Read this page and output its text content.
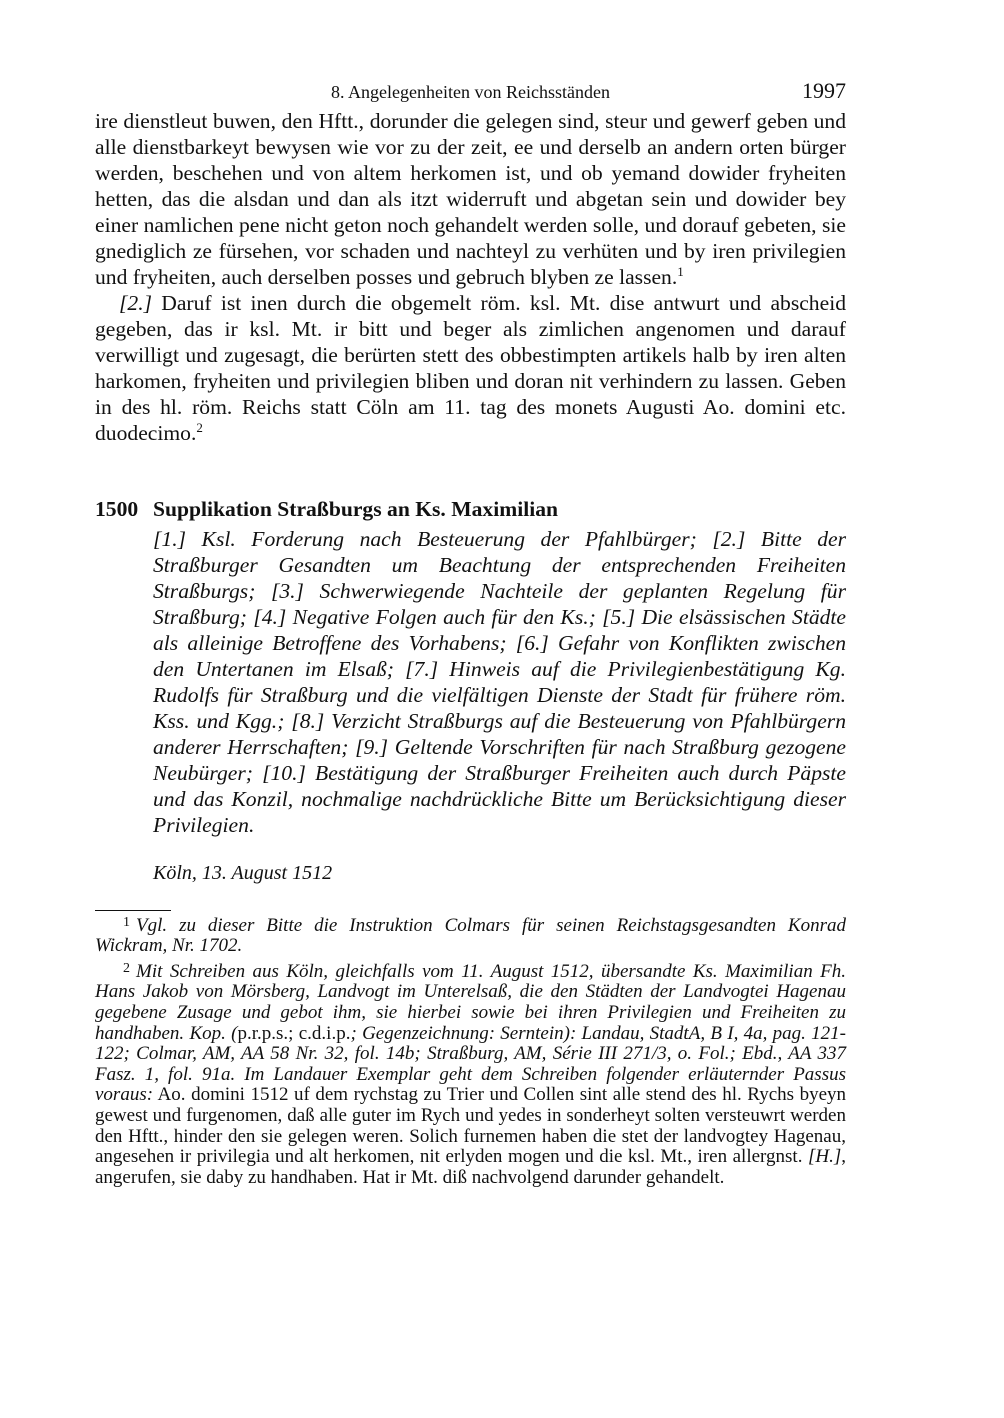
8. Angelegenheiten von Reichsständen	1997

ire dienstleut buwen, den Hftt., dorunder die gelegen sind, steur und gewerf geben und alle dienstbarkeyt bewysen wie vor zu der zeit, ee und derselb an andern orten bürger werden, beschehen und von altem herkomen ist, und ob yemand dowider fryheiten hetten, das die alsdan und dan als itzt widerruft und abgetan sein und dowider bey einer namlichen pene nicht geton noch gehandelt werden solle, und dorauf gebeten, sie gnediglich ze fürsehen, vor schaden und nachteyl zu verhüten und by iren privilegien und fryheiten, auch derselben posses und gebruch blyben ze lassen.$^1$

[2.] Daruf ist inen durch die obgemelt röm. ksl. Mt. dise antwurt und abscheid gegeben, das ir ksl. Mt. ir bitt und beger als zimlichen angenomen und darauf verwilligt und zugesagt, die berürten stett des obbestimpten artikels halb by iren alten harkomen, fryheiten und privilegien bliben und doran nit verhindern zu lassen. Geben in des hl. röm. Reichs statt Cöln am 11. tag des monets Augusti Ao. domini etc. duodecimo.$^2$

1500 Supplikation Straßburgs an Ks. Maximilian

[1.] Ksl. Forderung nach Besteuerung der Pfahlbürger; [2.] Bitte der Straßburger Gesandten um Beachtung der entsprechenden Freiheiten Straßburgs; [3.] Schwerwiegende Nachteile der geplanten Regelung für Straßburg; [4.] Negative Folgen auch für den Ks.; [5.] Die elsässischen Städte als alleinige Betroffene des Vorhabens; [6.] Gefahr von Konflikten zwischen den Untertanen im Elsaß; [7.] Hinweis auf die Privilegienbestätigung Kg. Rudolfs für Straßburg und die vielfältigen Dienste der Stadt für frühere röm. Kss. und Kgg.; [8.] Verzicht Straßburgs auf die Besteuerung von Pfahlbürgern anderer Herrschaften; [9.] Geltende Vorschriften für nach Straßburg gezogene Neubürger; [10.] Bestätigung der Straßburger Freiheiten auch durch Päpste und das Konzil, nochmalige nachdrückliche Bitte um Berücksichtigung dieser Privilegien.

Köln, 13. August 1512

$^1$ Vgl. zu dieser Bitte die Instruktion Colmars für seinen Reichstagsgesandten Konrad Wickram, Nr. 1702.

$^2$ Mit Schreiben aus Köln, gleichfalls vom 11. August 1512, übersandte Ks. Maximilian Fh. Hans Jakob von Mörsberg, Landvogt im Unterelsaß, die den Städten der Landvogtei Hagenau gegebene Zusage und gebot ihm, sie hierbei sowie bei ihren Privilegien und Freiheiten zu handhaben. Kop. (p.r.p.s.; c.d.i.p.; Gegenzeichnung: Serntein): Landau, StadtA, B I, 4a, pag. 121-122; Colmar, AM, AA 58 Nr. 32, fol. 14b; Straßburg, AM, Série III 271/3, o. Fol.; Ebd., AA 337 Fasz. 1, fol. 91a. Im Landauer Exemplar geht dem Schreiben folgender erläuternder Passus voraus: Ao. domini 1512 uf dem rychstag zu Trier und Collen sint alle stend des hl. Rychs byeyn gewest und furgenomen, daß alle guter im Rych und yedes in sonderheyt solten versteuwrt werden den Hftt., hinder den sie gelegen weren. Solich furnemen haben die stet der landvogtey Hagenau, angesehen ir privilegia und alt herkomen, nit erlyden mogen und die ksl. Mt., iren allergnst. [H.], angerufen, sie daby zu handhaben. Hat ir Mt. diß nachvolgend darunder gehandelt.
